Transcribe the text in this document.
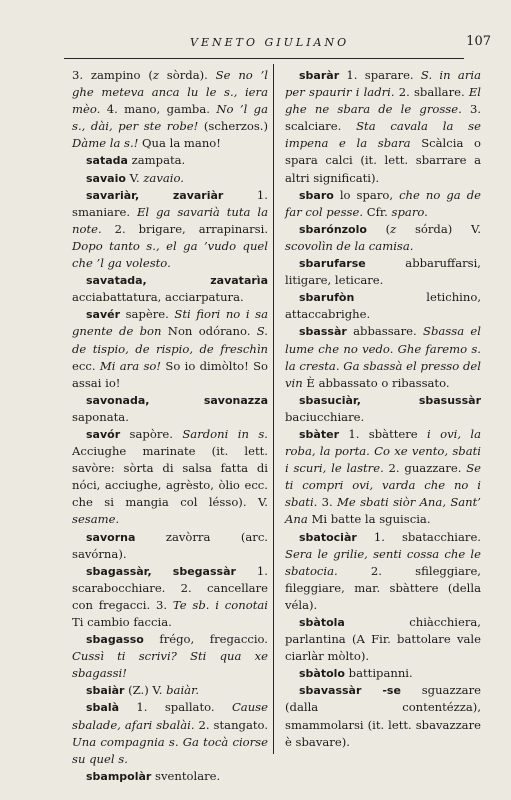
VENETO GIULIANO	107

3. zampino (z sòrda). Se no ’l ghe meteva anca lu le s., iera mèo. 4. mano, gamba. No ’l ga s., dài, per ste robe! (scherzos.) Dàme la s.! Qua la mano!

satada zampata.

savaio V. zavaio.

savariàr, zavariàr 1. smaniare. El ga savarià tuta la note. 2. brigare, arrapinarsi. Dopo tanto s., el ga ’vudo quel che ’l ga volesto.

savatada, zavatarìa acciabattatura, acciarpatura.

savér sapère. Sti fiori no i sa gnente de bon Non odórano. S. de tispio, de rispio, de freschìn ecc. Mi ara so! So io dimòlto! So assai io!

savonada, savonazza saponata.

savór sapòre. Sardoni in s. Acciughe marinate (it. lett. savòre: sòrta di salsa fatta di nóci, acciughe, agrèsto, òlio ecc. che si mangia col lésso). V. sesame.

savorna zavòrra (arc. savórna).

sbagassàr, sbegassàr 1. scarabocchiare. 2. cancellare con fregacci. 3. Te sb. i conotai Ti cambio faccia.

sbagasso frégo, fregaccio. Cussì ti scrivi? Sti qua xe sbagassi!

sbaiàr (Z.) V. baiàr.

sbalà 1. spallato. Cause sbalade, afari sbalài. 2. stangato. Una compagnia s. Ga tocà ciorse su quel s.

sbampolàr sventolare.

sbaràr 1. sparare. S. in aria per spaurir i ladri. 2. sballare. El ghe ne sbara de le grosse. 3. scalciare. Sta cavala la se impena e la sbara Scàlcia o spara calci (it. lett. sbarrare a altri significati).

sbaro lo sparo, che no ga de far col pesse. Cfr. sparo.

sbarónzolo (z sórda) V. scovolìn de la camisa.

sbarufarse abbaruffarsi, litigare, leticare.

sbarufòn letichino, attaccabrighe.

sbassàr abbassare. Sbassa el lume che no vedo. Ghe faremo s. la cresta. Ga sbassà el presso del vin È abbassato o ribassato.

sbasuciàr, sbasussàr baciucchiare.

sbàter 1. sbàttere i ovi, la roba, la porta. Co xe vento, sbati i scuri, le lastre. 2. guazzare. Se ti compri ovi, varda che no i sbati. 3. Me sbati siòr Ana, Sant’ Ana Mi batte la sguiscia.

sbatociàr 1. sbatacchiare. Sera le grilie, senti cossa che le sbatocia. 2. sfileggiare, fileggiare, mar. sbàttere (della véla).

sbàtola chiàcchiera, parlantina (A Fir. battolare vale ciarlàr mòlto).

sbàtolo battipanni.

sbavassàr -se sguazzare (dalla contentézza), smammolarsi (it. lett. sbavazzare è sbavare).
